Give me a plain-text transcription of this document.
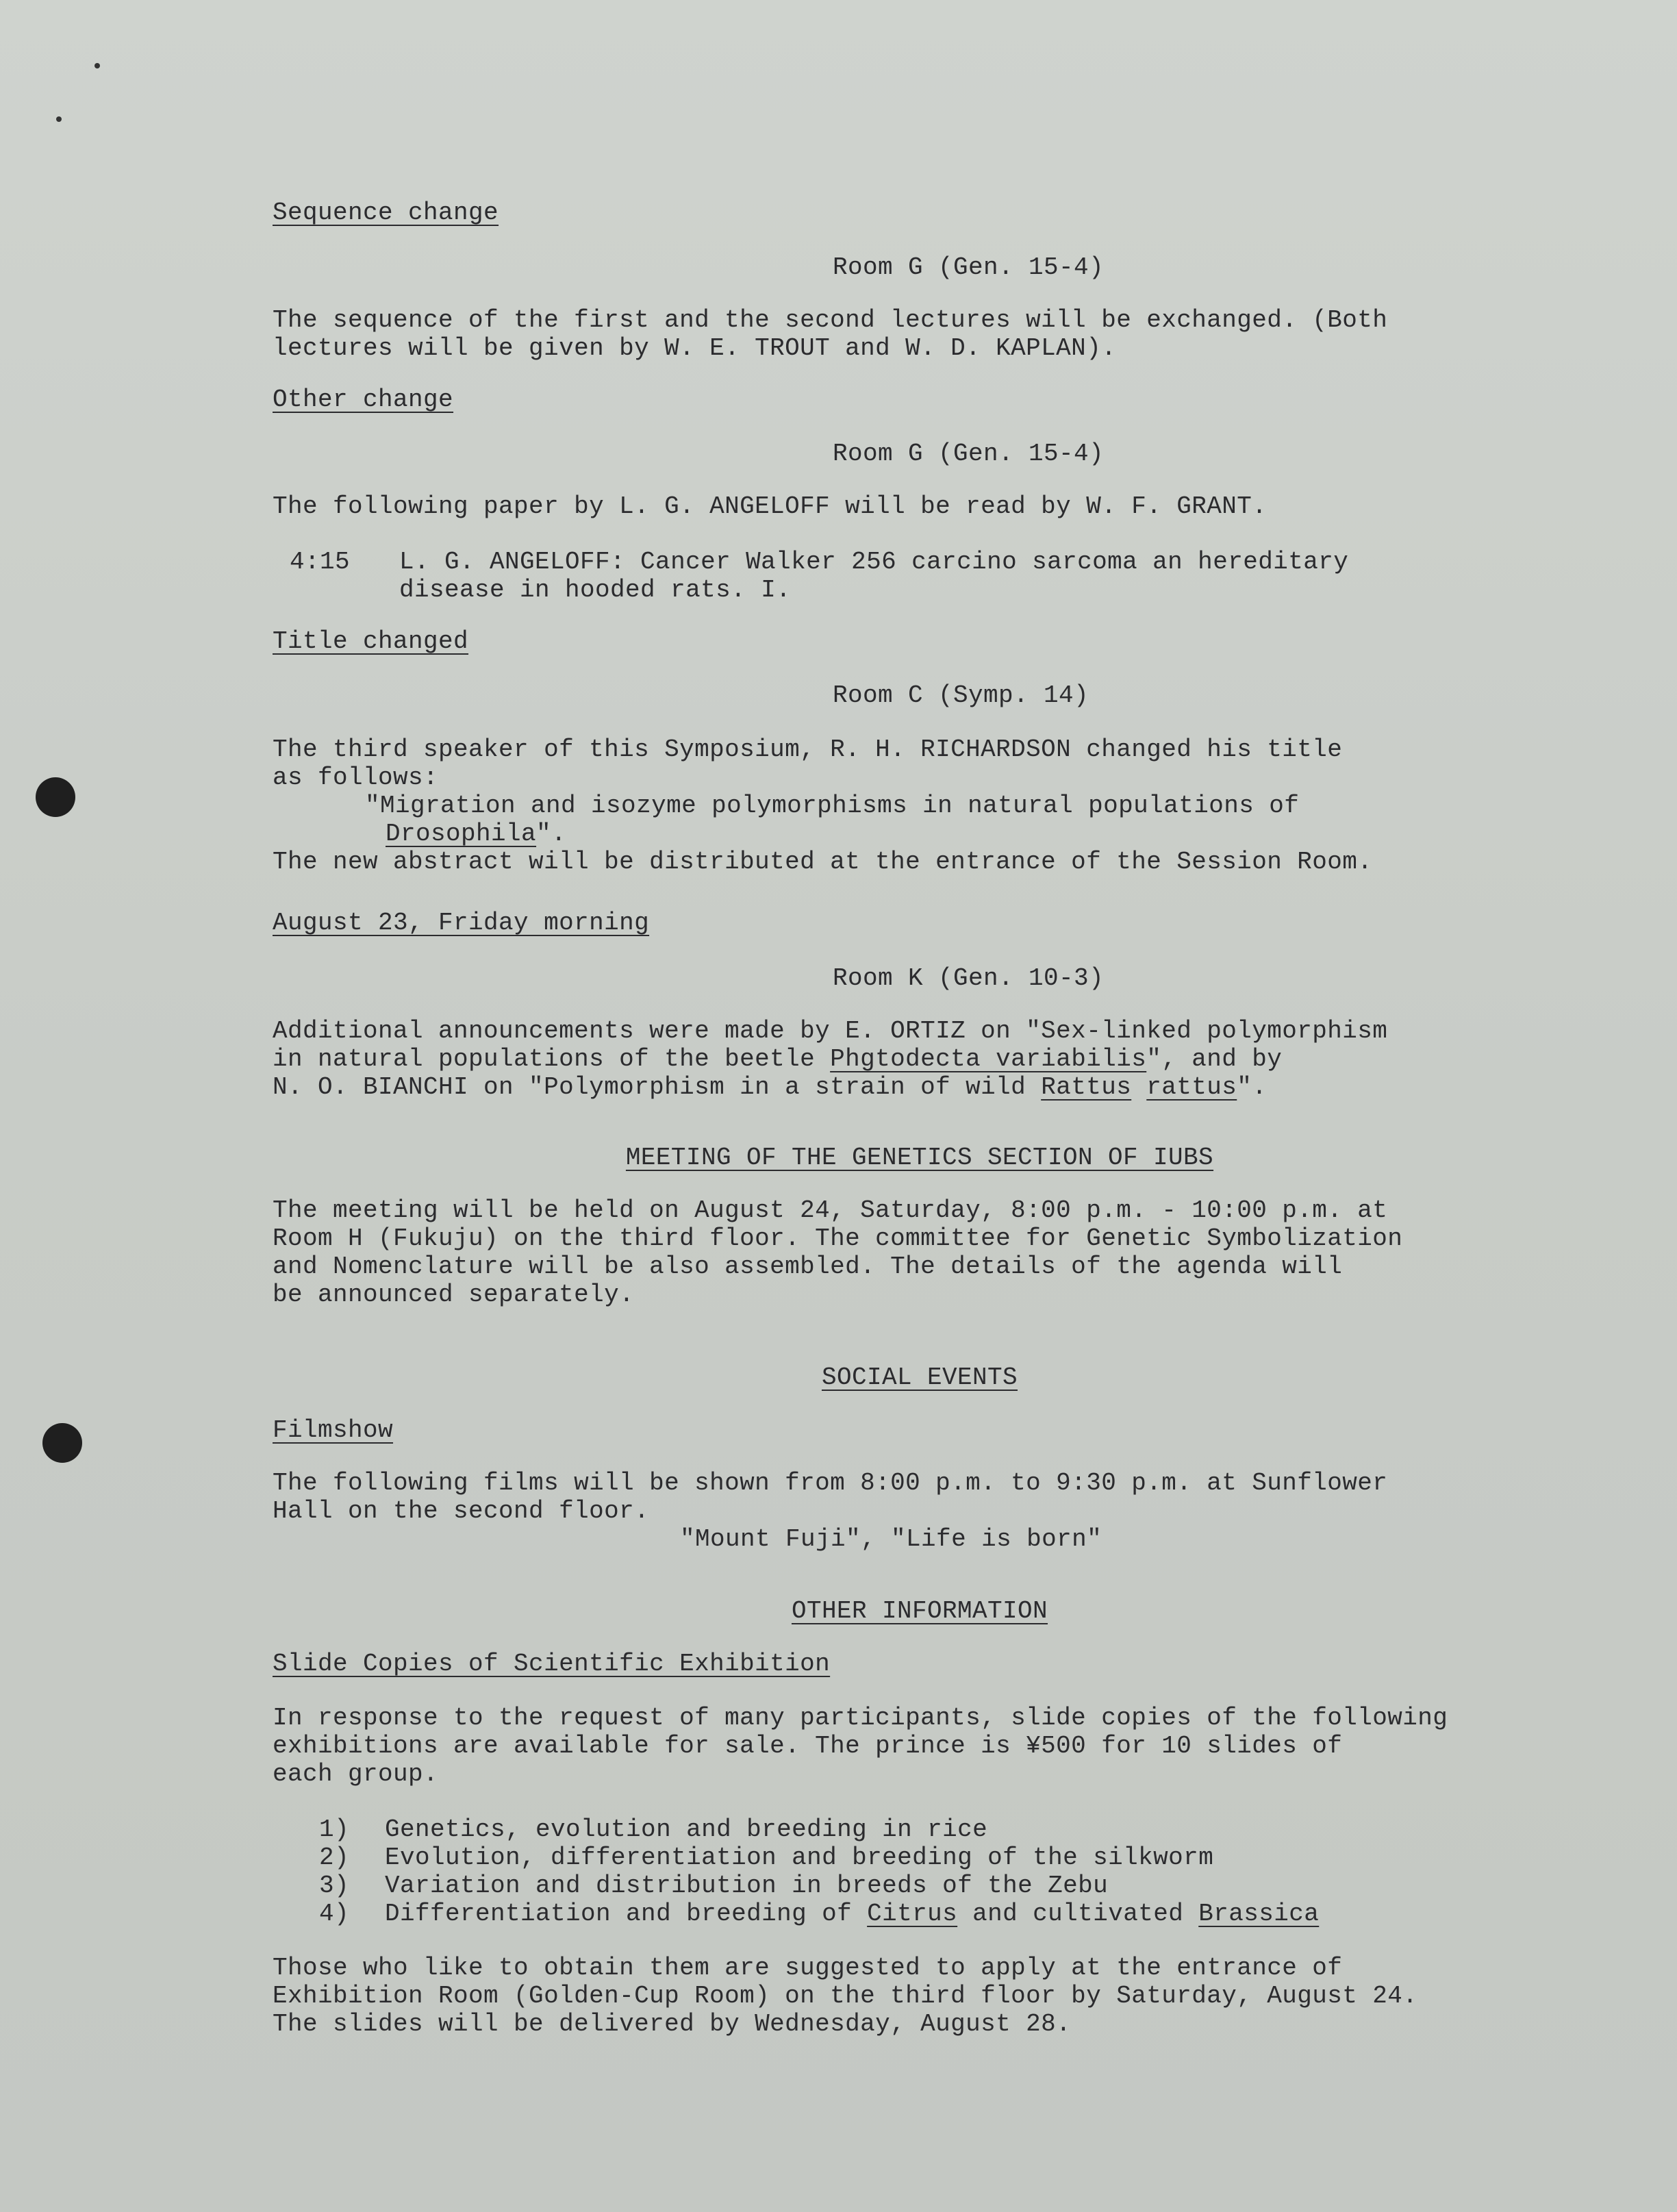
Sequence change

Room G (Gen. 15-4)

The sequence of the first and the second lectures will be exchanged. (Both
lectures will be given by W. E. TROUT and W. D. KAPLAN).

Other change

Room G (Gen. 15-4)

The following paper by L. G. ANGELOFF will be read by W. F. GRANT.

4:15	L. G. ANGELOFF: Cancer Walker 256 carcino sarcoma an hereditary
disease in hooded rats. I.
Title changed

Room C (Symp. 14)

The third speaker of this Symposium, R. H. RICHARDSON changed his title
as follows:

"Migration and isozyme polymorphisms in natural populations of

Drosophila".

The new abstract will be distributed at the entrance of the Session Room.

August 23, Friday morning

Room K (Gen. 10-3)

Additional announcements were made by E. ORTIZ on "Sex-linked polymorphism

in natural populations of the beetle Phgtodecta variabilis", and by

N. O. BIANCHI on "Polymorphism in a strain of wild Rattus rattus".

MEETING OF THE GENETICS SECTION OF IUBS

The meeting will be held on August 24, Saturday, 8:00 p.m. - 10:00 p.m. at
Room H (Fukuju) on the third floor. The committee for Genetic Symbolization
and Nomenclature will be also assembled. The details of the agenda will
be announced separately.

SOCIAL EVENTS

Filmshow

The following films will be shown from 8:00 p.m. to 9:30 p.m. at Sunflower
Hall on the second floor.

"Mount Fuji", "Life is born"

OTHER INFORMATION

Slide Copies of Scientific Exhibition

In response to the request of many participants, slide copies of the following
exhibitions are available for sale. The prince is ¥500 for 10 slides of
each group.

1)	Genetics, evolution and breeding in rice
2)	Evolution, differentiation and breeding of the silkworm
3)	Variation and distribution in breeds of the Zebu
4)	Differentiation and breeding of Citrus and cultivated Brassica

Those who like to obtain them are suggested to apply at the entrance of
Exhibition Room (Golden-Cup Room) on the third floor by Saturday, August 24.
The slides will be delivered by Wednesday, August 28.
